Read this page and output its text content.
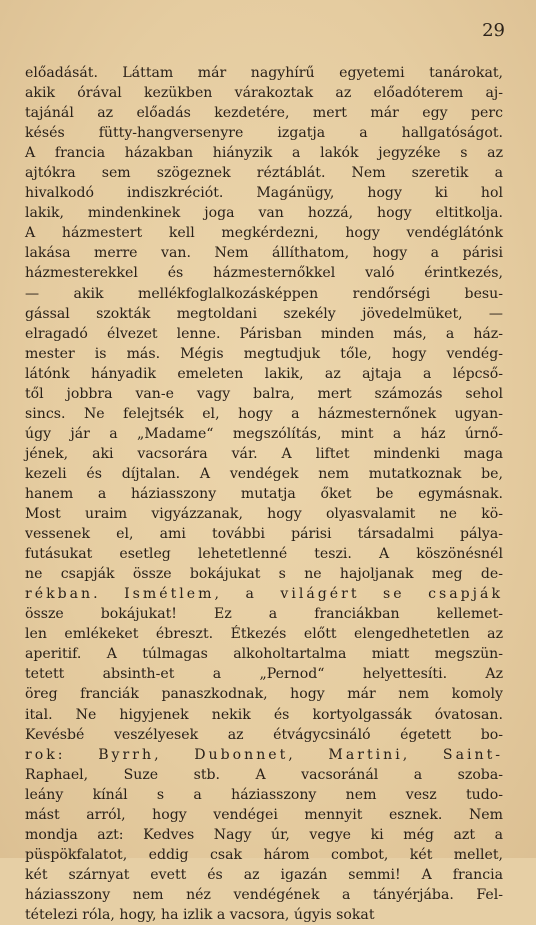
29
előadását. Láttam már nagyhírű egyetemi tanárokat,
akik órával kezükben várakoztak az előadóterem aj-
tajánál az előadás kezdetére, mert már egy perc
késés fütty-hangversenyre izgatja a hallgatóságot.
A francia házakban hiányzik a lakók jegyzéke s az
ajtókra sem szögeznek réztáblát. Nem szeretik a
hivalkodó indiszkréciót. Magánügy, hogy ki hol
lakik, mindenkinek joga van hozzá, hogy eltitkolja.
A házmestert kell megkérdezni, hogy vendéglátónk
lakása merre van. Nem állíthatom, hogy a párisi
házmesterekkel és házmesternőkkel való érintkezés,
— akik mellékfoglalkozásképpen rendőrségi besu-
gással szokták megtoldani szekély jövedelmüket, —
elragadó élvezet lenne. Párisban minden más, a ház-
mester is más. Mégis megtudjuk tőle, hogy vendég-
látónk hányadik emeleten lakik, az ajtaja a lépcső-
től jobbra van-e vagy balra, mert számozás sehol
sincs. Ne felejtsék el, hogy a házmesternőnek ugyan-
úgy jár a „Madame“ megszólítás, mint a ház úrnő-
jének, aki vacsorára vár. A liftet mindenki maga
kezeli és díjtalan. A vendégek nem mutatkoznak be,
hanem a háziasszony mutatja őket be egymásnak.
Most uraim vigyázzanak, hogy olyasvalamit ne kö-
vessenek el, ami további párisi társadalmi pálya-
futásukat esetleg lehetetlenné teszi. A köszönésnél
ne csapják össze bokájukat s ne hajoljanak meg de-
rékban. Ismétlem, a világért se csapják
össze bokájukat! Ez a franciákban kellemet-
len emlékeket ébreszt. Étkezés előtt elengedhetetlen az
aperitif. A túlmagas alkoholtartalma miatt megszün-
tetett absinth-et a „Pernod“ helyettesíti. Az
öreg franciák panaszkodnak, hogy már nem komoly
ital. Ne higyjenek nekik és kortyolgassák óvatosan.
Kevésbé veszélyesek az étvágycsináló égetett bo-
rok: Byrrh, Dubonnet, Martini, Saint-
Raphael, Suze stb. A vacsoránál a szoba-
leány kínál s a háziasszony nem vesz tudo-
mást arról, hogy vendégei mennyit esznek. Nem
mondja azt: Kedves Nagy úr, vegye ki még azt a
püspökfalatot, eddig csak három combot, két mellet,
két szárnyat evett és az igazán semmi! A francia
háziasszony nem néz vendégének a tányérjába. Fel-
tételezi róla, hogy, ha izlik a vacsora, úgyis sokat
